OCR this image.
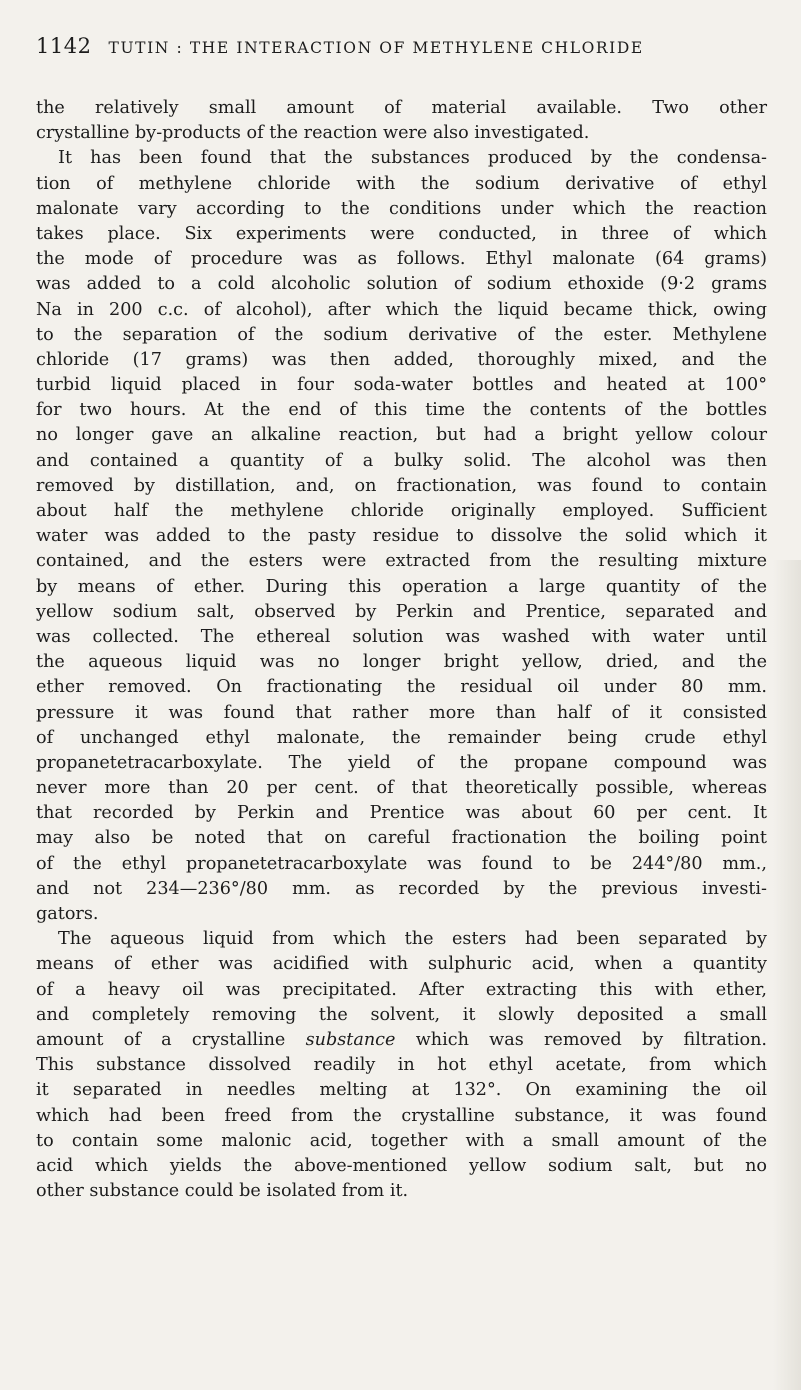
1142 TUTIN : THE INTERACTION OF METHYLENE CHLORIDE
the relatively small amount of material available. Two other
crystalline by-products of the reaction were also investigated.
It has been found that the substances produced by the condensa-
tion of methylene chloride with the sodium derivative of ethyl
malonate vary according to the conditions under which the reaction
takes place. Six experiments were conducted, in three of which
the mode of procedure was as follows. Ethyl malonate (64 grams)
was added to a cold alcoholic solution of sodium ethoxide (9·2 grams
Na in 200 c.c. of alcohol), after which the liquid became thick, owing
to the separation of the sodium derivative of the ester. Methylene
chloride (17 grams) was then added, thoroughly mixed, and the
turbid liquid placed in four soda-water bottles and heated at 100°
for two hours. At the end of this time the contents of the bottles
no longer gave an alkaline reaction, but had a bright yellow colour
and contained a quantity of a bulky solid. The alcohol was then
removed by distillation, and, on fractionation, was found to contain
about half the methylene chloride originally employed. Sufficient
water was added to the pasty residue to dissolve the solid which it
contained, and the esters were extracted from the resulting mixture
by means of ether. During this operation a large quantity of the
yellow sodium salt, observed by Perkin and Prentice, separated and
was collected. The ethereal solution was washed with water until
the aqueous liquid was no longer bright yellow, dried, and the
ether removed. On fractionating the residual oil under 80 mm.
pressure it was found that rather more than half of it consisted
of unchanged ethyl malonate, the remainder being crude ethyl
propanetetracarboxylate. The yield of the propane compound was
never more than 20 per cent. of that theoretically possible, whereas
that recorded by Perkin and Prentice was about 60 per cent. It
may also be noted that on careful fractionation the boiling point
of the ethyl propanetetracarboxylate was found to be 244°/80 mm.,
and not 234—236°/80 mm. as recorded by the previous investi-
gators.
The aqueous liquid from which the esters had been separated by
means of ether was acidified with sulphuric acid, when a quantity
of a heavy oil was precipitated. After extracting this with ether,
and completely removing the solvent, it slowly deposited a small
amount of a crystalline substance which was removed by filtration.
This substance dissolved readily in hot ethyl acetate, from which
it separated in needles melting at 132°. On examining the oil
which had been freed from the crystalline substance, it was found
to contain some malonic acid, together with a small amount of the
acid which yields the above-mentioned yellow sodium salt, but no
other substance could be isolated from it.
